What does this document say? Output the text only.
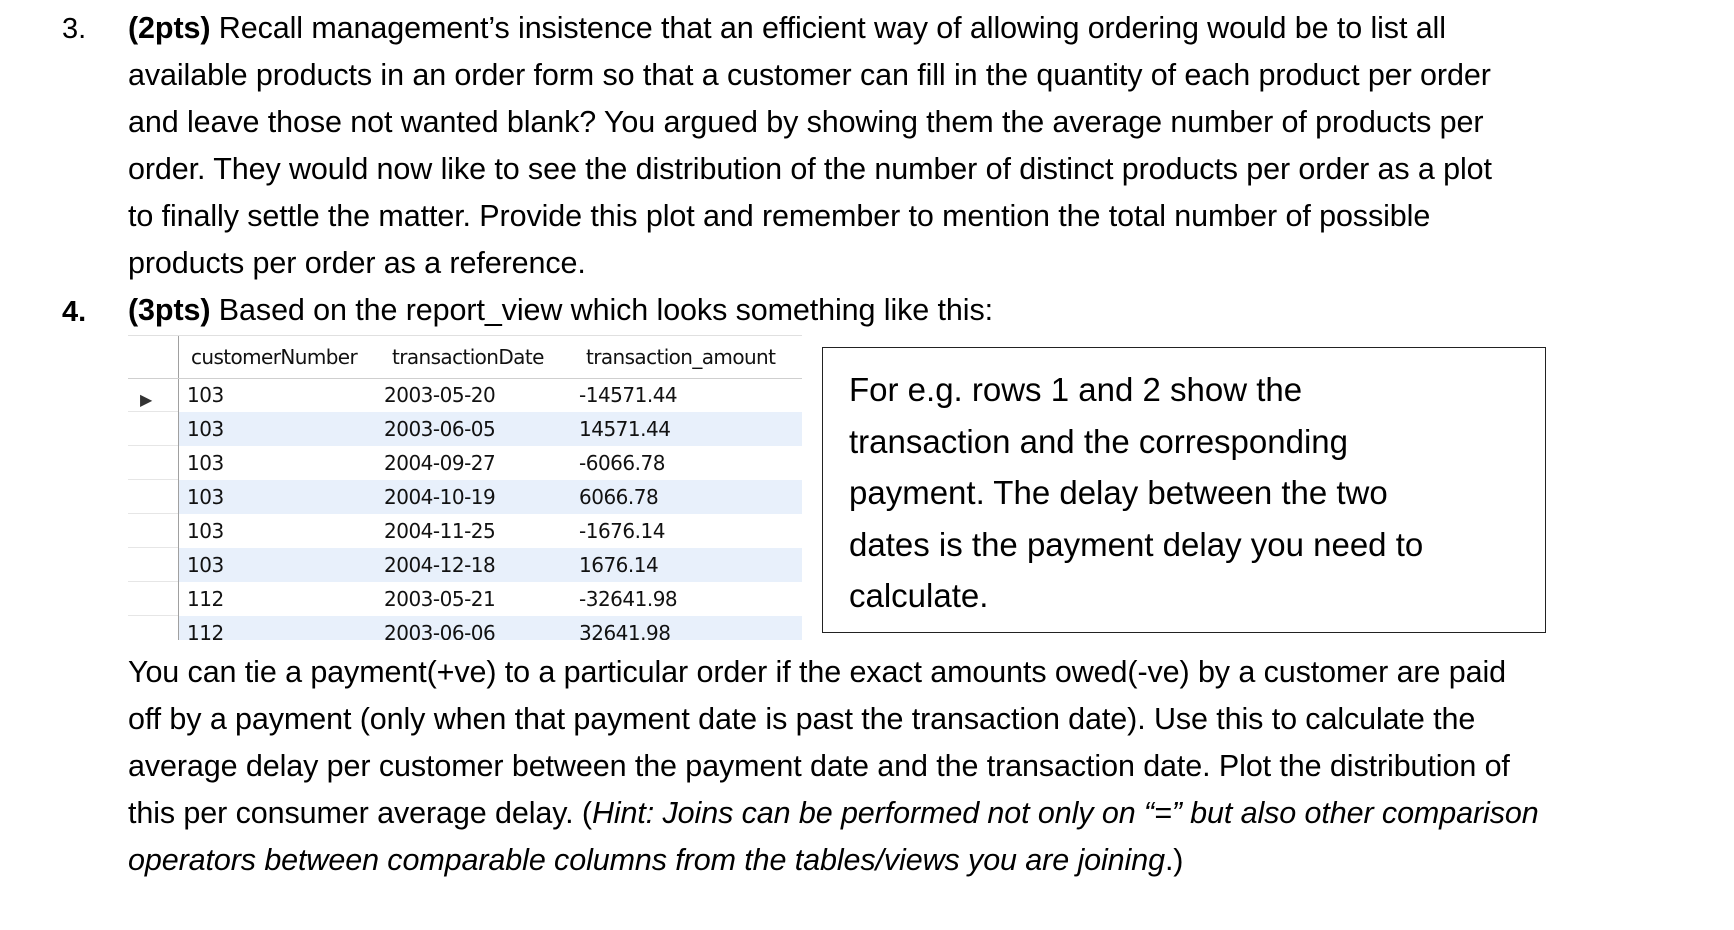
3. (2pts) Recall management’s insistence that an efficient way of allowing ordering would be to list all
available products in an order form so that a customer can fill in the quantity of each product per order
and leave those not wanted blank? You argued by showing them the average number of products per
order. They would now like to see the distribution of the number of distinct products per order as a plot
to finally settle the matter. Provide this plot and remember to mention the total number of possible
products per order as a reference.
4. (3pts) Based on the report_view which looks something like this:
customerNumber transactionDate transaction_amount
▶ 103	2003-05-20	-14571.44
103	2003-06-05	14571.44
103	2004-09-27	-6066.78
103	2004-10-19	6066.78
103	2004-11-25	-1676.14
103	2004-12-18	1676.14
112	2003-05-21	-32641.98
112	2003-06-06	32641.98
For e.g. rows 1 and 2 show the
transaction and the corresponding
payment. The delay between the two
dates is the payment delay you need to
calculate.
You can tie a payment(+ve) to a particular order if the exact amounts owed(-ve) by a customer are paid
off by a payment (only when that payment date is past the transaction date). Use this to calculate the
average delay per customer between the payment date and the transaction date. Plot the distribution of
this per consumer average delay. (Hint: Joins can be performed not only on “=” but also other comparison
operators between comparable columns from the tables/views you are joining.)
